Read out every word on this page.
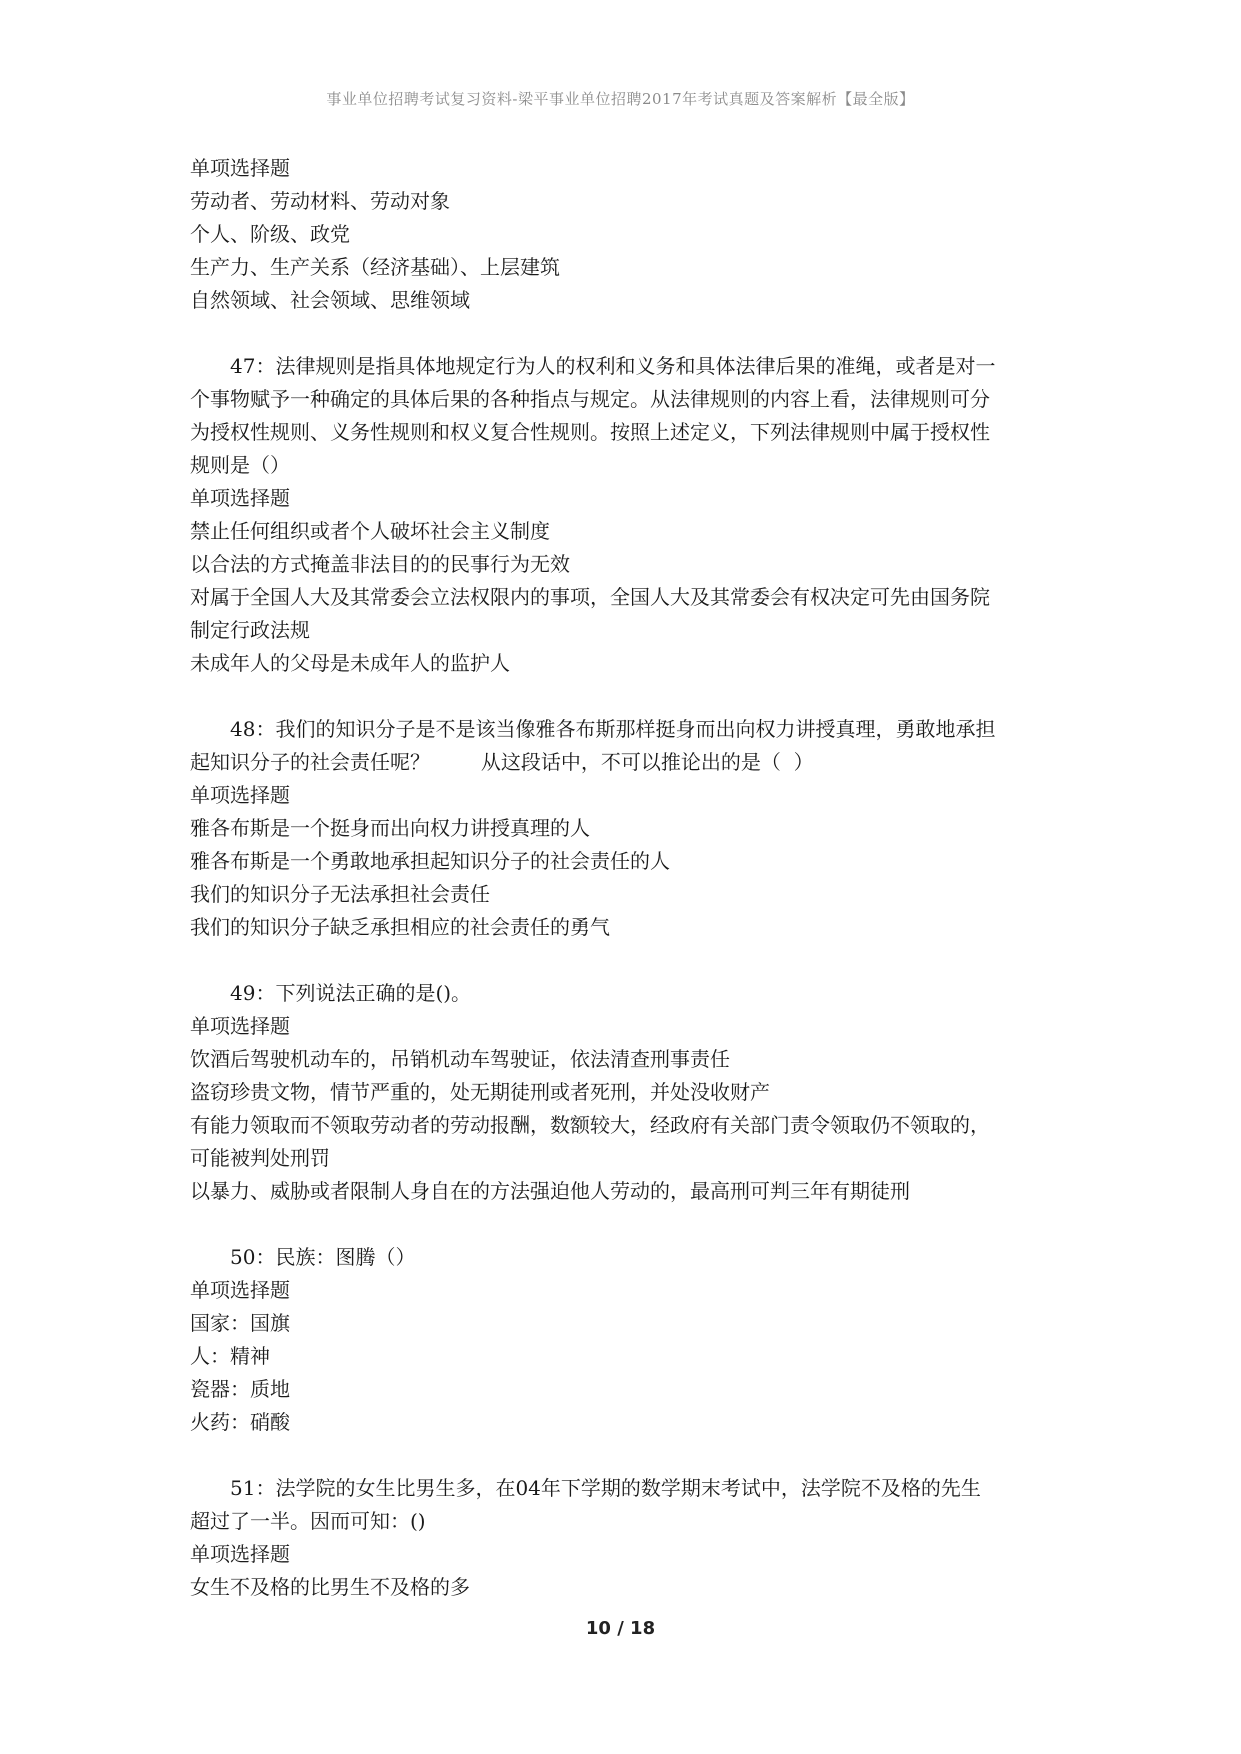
事业单位招聘考试复习资料-梁平事业单位招聘2017年考试真题及答案解析【最全版】

单项选择题

劳动者、劳动材料、劳动对象

个人、阶级、政党

生产力、生产关系（经济基础）、上层建筑

自然领域、社会领域、思维领域

47：法律规则是指具体地规定行为人的权利和义务和具体法律后果的准绳，或者是对一

个事物赋予一种确定的具体后果的各种指点与规定。从法律规则的内容上看，法律规则可分

为授权性规则、义务性规则和权义复合性规则。按照上述定义，下列法律规则中属于授权性

规则是（）

单项选择题

禁止任何组织或者个人破坏社会主义制度

以合法的方式掩盖非法目的的民事行为无效

对属于全国人大及其常委会立法权限内的事项，全国人大及其常委会有权决定可先由国务院

制定行政法规

未成年人的父母是未成年人的监护人

48：我们的知识分子是不是该当像雅各布斯那样挺身而出向权力讲授真理，勇敢地承担

起知识分子的社会责任呢？        从这段话中，不可以推论出的是（  ）

单项选择题

雅各布斯是一个挺身而出向权力讲授真理的人

雅各布斯是一个勇敢地承担起知识分子的社会责任的人

我们的知识分子无法承担社会责任

我们的知识分子缺乏承担相应的社会责任的勇气

49：下列说法正确的是()。

单项选择题

饮酒后驾驶机动车的，吊销机动车驾驶证，依法清查刑事责任

盗窃珍贵文物，情节严重的，处无期徒刑或者死刑，并处没收财产

有能力领取而不领取劳动者的劳动报酬，数额较大，经政府有关部门责令领取仍不领取的，

可能被判处刑罚

以暴力、威胁或者限制人身自在的方法强迫他人劳动的，最高刑可判三年有期徒刑

50：民族：图腾（）

单项选择题

国家：国旗

人：精神

瓷器：质地

火药：硝酸

51：法学院的女生比男生多，在04年下学期的数学期末考试中，法学院不及格的先生

超过了一半。因而可知：()

单项选择题

女生不及格的比男生不及格的多

10 / 18
